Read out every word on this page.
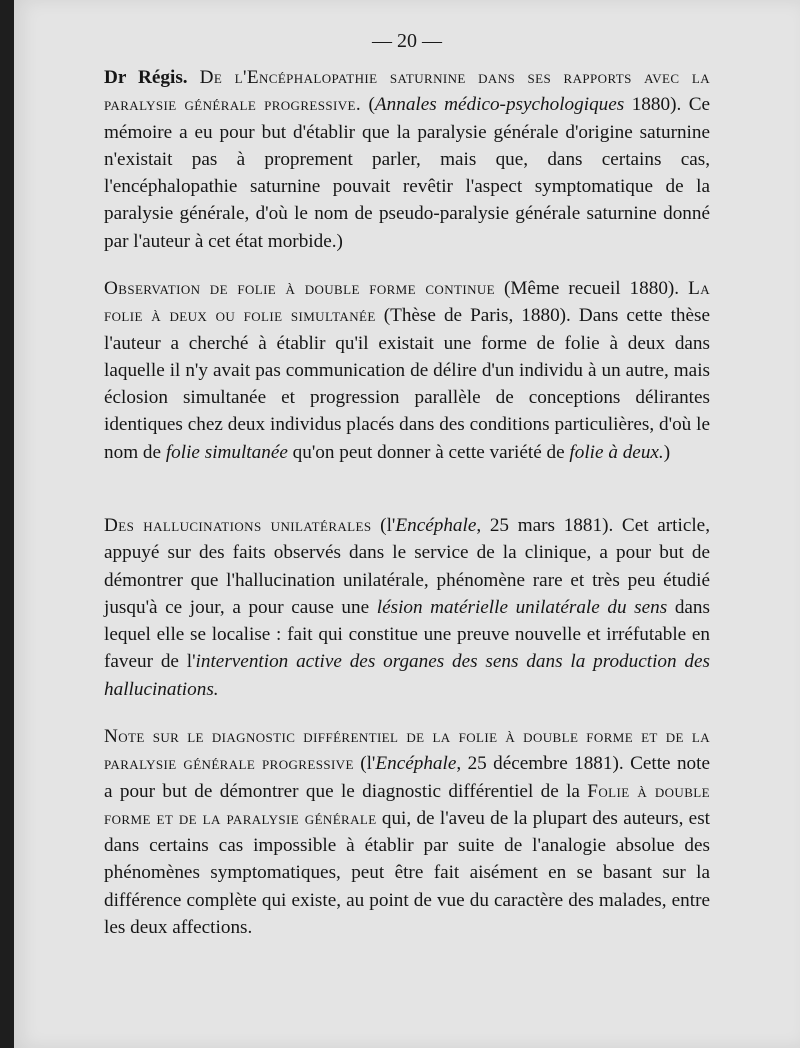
— 20 —

Dr Régis. De l'Encéphalopathie saturnine dans ses rapports avec la paralysie générale progressive. (Annales médico-psychologiques 1880). Ce mémoire a eu pour but d'établir que la paralysie générale d'origine saturnine n'existait pas à proprement parler, mais que, dans certains cas, l'encéphalopathie saturnine pouvait revêtir l'aspect symptomatique de la paralysie générale, d'où le nom de pseudo-paralysie générale saturnine donné par l'auteur à cet état morbide.)

Observation de folie à double forme continue (Même recueil 1880). La folie à deux ou folie simultanée (Thèse de Paris, 1880). Dans cette thèse l'auteur a cherché à établir qu'il existait une forme de folie à deux dans laquelle il n'y avait pas communication de délire d'un individu à un autre, mais éclosion simultanée et progression parallèle de conceptions délirantes identiques chez deux individus placés dans des conditions particulières, d'où le nom de folie simultanée qu'on peut donner à cette variété de folie à deux.)

Des hallucinations unilatérales (l'Encéphale, 25 mars 1881). Cet article, appuyé sur des faits observés dans le service de la clinique, a pour but de démontrer que l'hallucination unilatérale, phénomène rare et très peu étudié jusqu'à ce jour, a pour cause une lésion matérielle unilatérale du sens dans lequel elle se localise : fait qui constitue une preuve nouvelle et irréfutable en faveur de l'intervention active des organes des sens dans la production des hallucinations.

Note sur le diagnostic différentiel de la folie à double forme et de la paralysie générale progressive (l'Encéphale, 25 décembre 1881). Cette note a pour but de démontrer que le diagnostic différentiel de la Folie à double forme et de la paralysie générale qui, de l'aveu de la plupart des auteurs, est dans certains cas impossible à établir par suite de l'analogie absolue des phénomènes symptomatiques, peut être fait aisément en se basant sur la différence complète qui existe, au point de vue du caractère des malades, entre les deux affections.
